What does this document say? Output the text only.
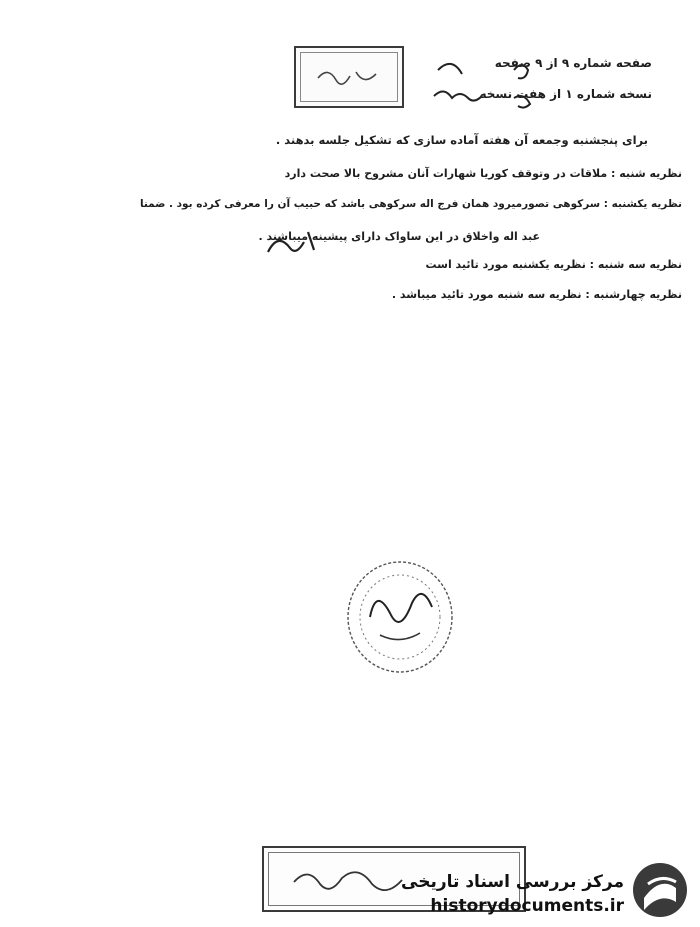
صفحه شماره ۹ از ۹ صفحه
نسخه شماره ۱ از هفت نسخه
برای پنجشنبه وجمعه آن هفته آماده سازی که تشکیل جلسه بدهند .
نظریه شنبه : ملاقات در وتوقف کوریا شهارات آنان مشروح بالا صحت دارد
نظریه یکشنبه : سرکوهی تصورمیرود همان فرج اله سرکوهی باشد که حبیب آن را معرفی کرده بود . ضمنا
عبد اله واخلاق در این ساواک دارای پیشینه میباشند .
نظریه سه شنبه : نظریه یکشنبه مورد تائید است
نظریه چهارشنبه : نظریه سه شنبه مورد تائید میباشد .
مرکز بررسی اسناد تاریخی
historydocuments.ir
